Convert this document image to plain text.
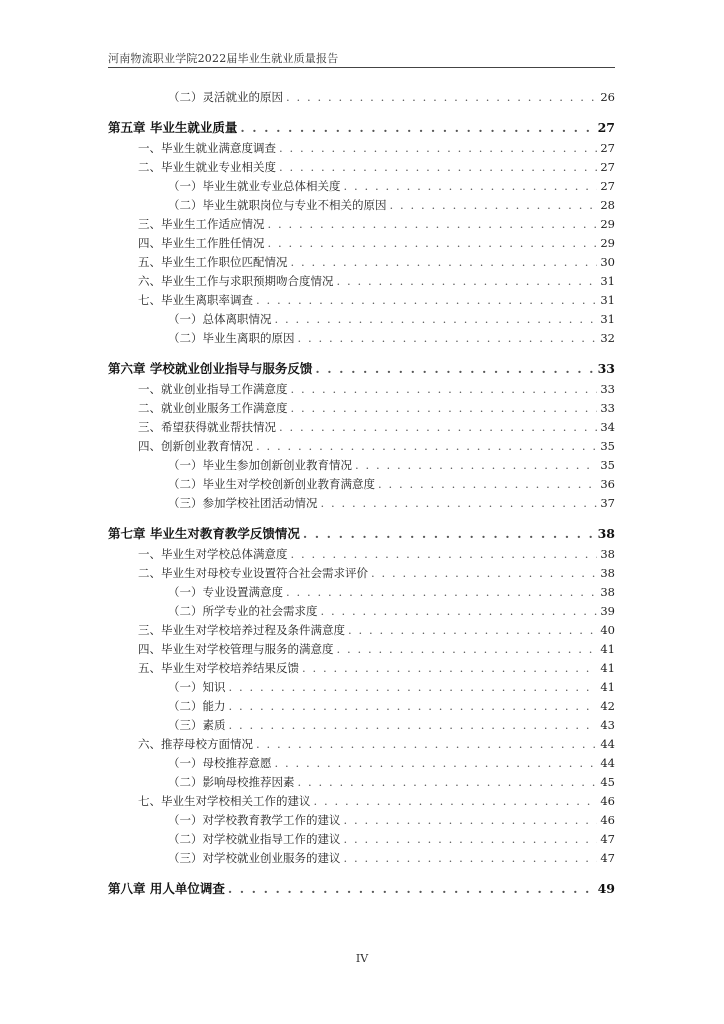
河南物流职业学院2022届毕业生就业质量报告
（二）灵活就业的原因 . . .	26
第五章 毕业生就业质量 . . .	27
一、毕业生就业满意度调查 . . .	27
二、毕业生就业专业相关度 . . .	27
（一）毕业生就业专业总体相关度 . . .	27
（二）毕业生就职岗位与专业不相关的原因 . . .	28
三、毕业生工作适应情况 . . .	29
四、毕业生工作胜任情况 . . .	29
五、毕业生工作职位匹配情况 . . .	30
六、毕业生工作与求职预期吻合度情况 . . .	31
七、毕业生离职率调查 . . .	31
（一）总体离职情况 . . .	31
（二）毕业生离职的原因 . . .	32
第六章 学校就业创业指导与服务反馈 . . .	33
一、就业创业指导工作满意度 . . .	33
二、就业创业服务工作满意度 . . .	33
三、希望获得就业帮扶情况 . . .	34
四、创新创业教育情况 . . .	35
（一）毕业生参加创新创业教育情况 . . .	35
（二）毕业生对学校创新创业教育满意度 . . .	36
（三）参加学校社团活动情况 . . .	37
第七章 毕业生对教育教学反馈情况 . . .	38
一、毕业生对学校总体满意度 . . .	38
二、毕业生对母校专业设置符合社会需求评价 . . .	38
（一）专业设置满意度 . . .	38
（二）所学专业的社会需求度 . . .	39
三、毕业生对学校培养过程及条件满意度 . . .	40
四、毕业生对学校管理与服务的满意度 . . .	41
五、毕业生对学校培养结果反馈 . . .	41
（一）知识 . . .	41
（二）能力 . . .	42
（三）素质 . . .	43
六、推荐母校方面情况 . . .	44
（一）母校推荐意愿 . . .	44
（二）影响母校推荐因素 . . .	45
七、毕业生对学校相关工作的建议 . . .	46
（一）对学校教育教学工作的建议 . . .	46
（二）对学校就业指导工作的建议 . . .	47
（三）对学校就业创业服务的建议 . . .	47
第八章 用人单位调查 . . .	49
IV
